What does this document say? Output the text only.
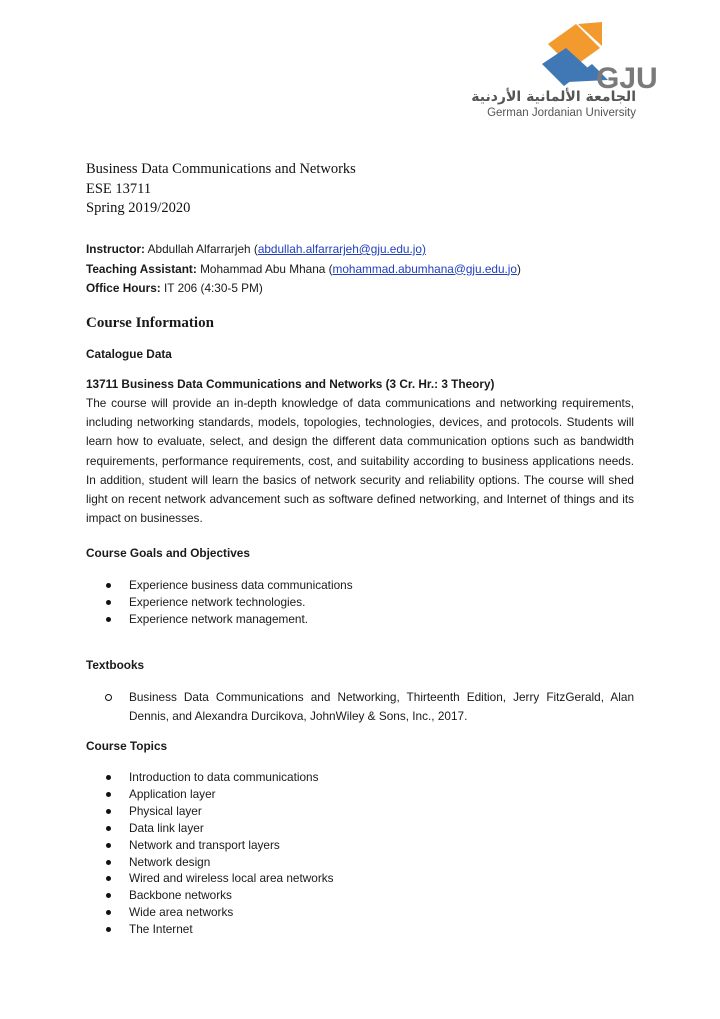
GJU
الجامعة الألمانية الأردنية
German Jordanian University
Business Data Communications and Networks
ESE 13711
Spring 2019/2020
Instructor: Abdullah Alfarrarjeh (abdullah.alfarrarjeh@gju.edu.jo)
Teaching Assistant: Mohammad Abu Mhana (mohammad.abumhana@gju.edu.jo)
Office Hours: IT 206 (4:30-5 PM)
Course Information
Catalogue Data
13711 Business Data Communications and Networks (3 Cr. Hr.: 3 Theory)
The course will provide an in-depth knowledge of data communications and networking requirements, including networking standards, models, topologies, technologies, devices, and protocols. Students will learn how to evaluate, select, and design the different data communication options such as bandwidth requirements, performance requirements, cost, and suitability according to business applications needs. In addition, student will learn the basics of network security and reliability options. The course will shed light on recent network advancement such as software defined networking, and Internet of things and its impact on businesses.
Course Goals and Objectives
Experience business data communications
Experience network technologies.
Experience network management.
Textbooks
Business Data Communications and Networking, Thirteenth Edition, Jerry FitzGerald, Alan Dennis, and Alexandra Durcikova, JohnWiley & Sons, Inc., 2017.
Course Topics
Introduction to data communications
Application layer
Physical layer
Data link layer
Network and transport layers
Network design
Wired and wireless local area networks
Backbone networks
Wide area networks
The Internet
